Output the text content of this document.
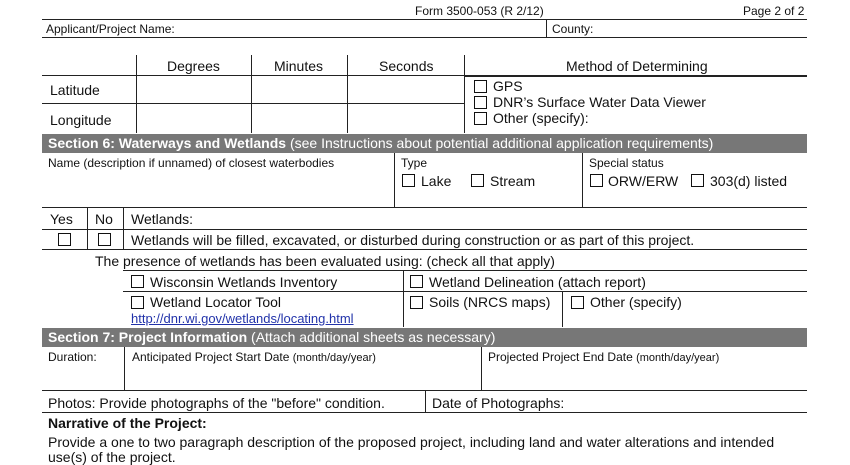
Form 3500-053 (R 2/12)	Page 2 of 2
Applicant/Project Name:	County:
Degrees	Minutes	Seconds	Method of Determining
Latitude
Longitude
GPS
DNR’s Surface Water Data Viewer
Other (specify):
Section 6: Waterways and Wetlands (see Instructions about potential additional application requirements)
Name (description if unnamed) of closest waterbodies	Type
Lake	Stream
Special status
ORW/ERW 303(d) listed
Yes No Wetlands:
Wetlands will be filled, excavated, or disturbed during construction or as part of this project.
The presence of wetlands has been evaluated using: (check all that apply)
Wisconsin Wetlands Inventory	Wetland Delineation (attach report)
Wetland Locator Tool
http://dnr.wi.gov/wetlands/locating.html
Soils (NRCS maps)	Other (specify)
Section 7: Project Information (Attach additional sheets as necessary)
Duration:	Anticipated Project Start Date (month/day/year)	Projected Project End Date (month/day/year)
Photos: Provide photographs of the "before" condition.	Date of Photographs:
Narrative of the Project:
Provide a one to two paragraph description of the proposed project, including land and water alterations and intended use(s) of the project.
